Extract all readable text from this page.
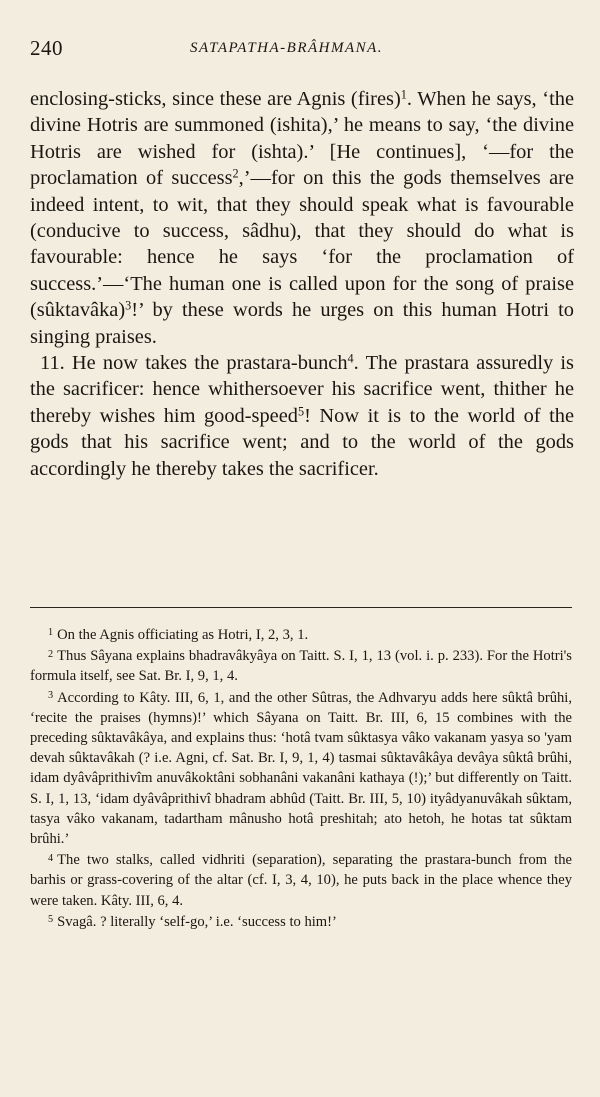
240	SATAPATHA-BRÂHMANA.

enclosing-sticks, since these are Agnis (fires)$^1$. When he says, ‘the divine Hotris are summoned (ishita),’ he means to say, ‘the divine Hotris are wished for (ishta).’ [He continues], ‘—for the proclamation of success$^2$,’—for on this the gods themselves are indeed intent, to wit, that they should speak what is favourable (conducive to success, sâdhu), that they should do what is favourable: hence he says ‘for the proclamation of success.’—‘The human one is called upon for the song of praise (sûktavâka)$^3$!’ by these words he urges on this human Hotri to singing praises.

11. He now takes the prastara-bunch$^4$. The prastara assuredly is the sacrificer: hence whithersoever his sacrifice went, thither he thereby wishes him good-speed$^5$! Now it is to the world of the gods that his sacrifice went; and to the world of the gods accordingly he thereby takes the sacrificer.

$^1$ On the Agnis officiating as Hotri, I, 2, 3, 1.

$^2$ Thus Sâyana explains bhadravâkyâya on Taitt. S. I, 1, 13 (vol. i. p. 233). For the Hotri's formula itself, see Sat. Br. I, 9, 1, 4.

$^3$ According to Kâty. III, 6, 1, and the other Sûtras, the Adhvaryu adds here sûktâ brûhi, ‘recite the praises (hymns)!’ which Sâyana on Taitt. Br. III, 6, 15 combines with the preceding sûktavâkâya, and explains thus: ‘hotâ tvam sûktasya vâko vakanam yasya so 'yam devah sûktavâkah (? i.e. Agni, cf. Sat. Br. I, 9, 1, 4) tasmai sûktavâkâya devâya sûktâ brûhi, idam dyâvâprithivîm anuvâkoktâni sobhanâni vakanâni kathaya (!);’ but differently on Taitt. S. I, 1, 13, ‘idam dyâvâprithivî bhadram abhûd (Taitt. Br. III, 5, 10) ityâdyanuvâkah sûktam, tasya vâko vakanam, tadartham mânusho hotâ preshitah; ato hetoh, he hotas tat sûktam brûhi.’

$^4$ The two stalks, called vidhriti (separation), separating the prastara-bunch from the barhis or grass-covering of the altar (cf. I, 3, 4, 10), he puts back in the place whence they were taken. Kâty. III, 6, 4.

$^5$ Svagâ. ? literally ‘self-go,’ i.e. ‘success to him!’
